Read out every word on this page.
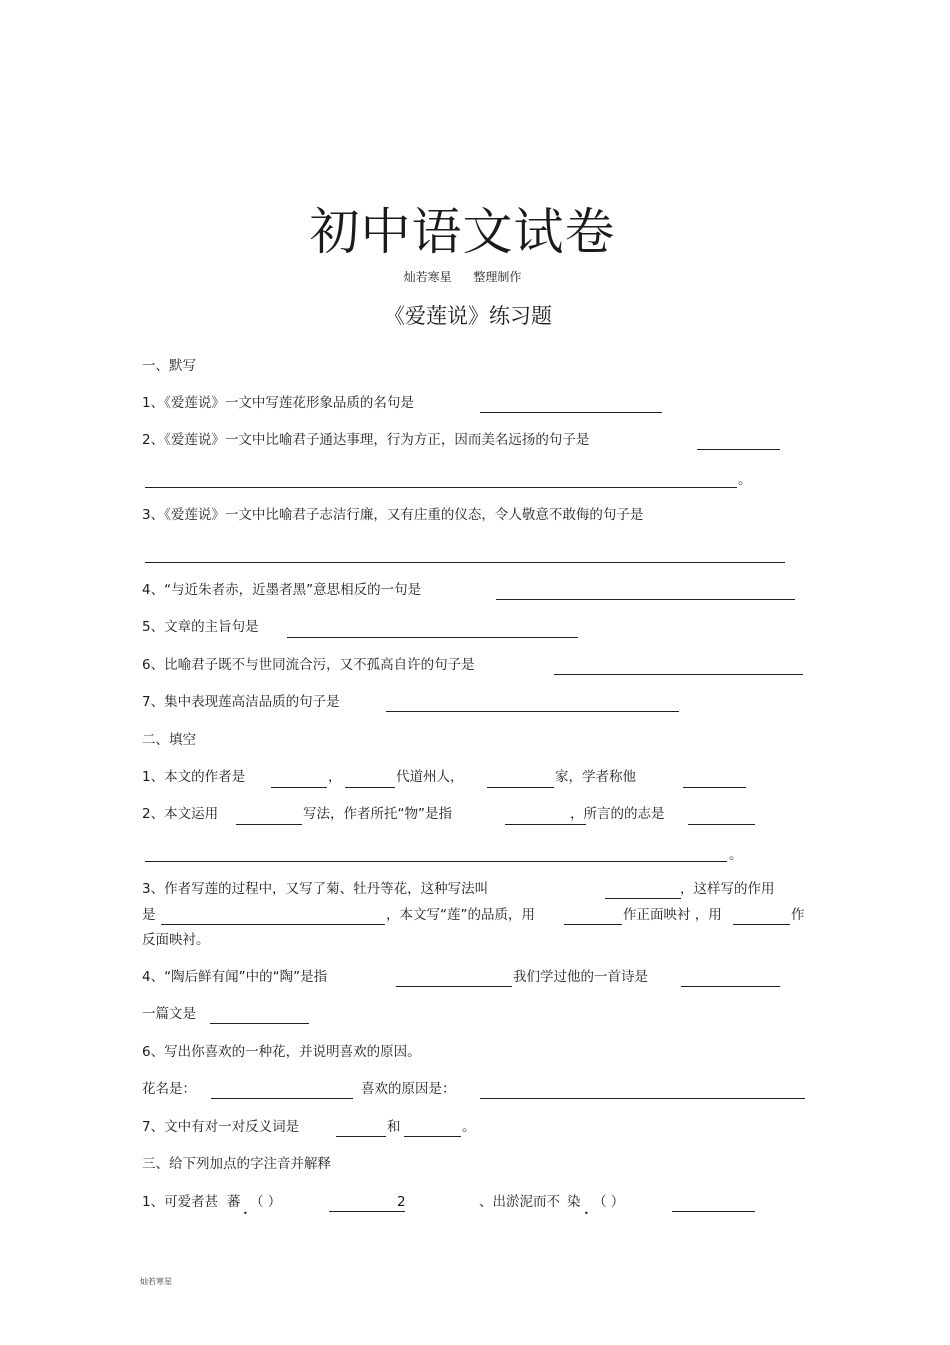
初中语文试卷
灿若寒星 整理制作
《爱莲说》练习题
一、默写
1、《爱莲说》一文中写莲花形象品质的名句是
2、《爱莲说》一文中比喻君子通达事理，行为方正，因而美名远扬的句子是
。
3、《爱莲说》一文中比喻君子志洁行廉，又有庄重的仪态，令人敬意不敢侮的句子是
4、“与近朱者赤，近墨者黑”意思相反的一句是
5、文章的主旨句是
6、比喻君子既不与世同流合污，又不孤高自许的句子是
7、集中表现莲高洁品质的句子是
二、填空
1、本文的作者是	，	代道州人，	家，学者称他
2、本文运用	写法，作者所托“物”是指	，所言的的志是
。
3、作者写莲的过程中，又写了菊、牡丹等花，这种写法叫	，这样写的作用
是	，本文写“莲”的品质，用	作正面映衬 ，用	作
反面映衬。
4、“陶后鲜有闻”中的“陶”是指	我们学过他的一首诗是
一篇文是
6、写出你喜欢的一种花，并说明喜欢的原因。
花名是：	喜欢的原因是：
7、文中有对一对反义词是	和	。
三、给下列加点的字注音并解释
1、可爱者甚 蕃
•
（ ）	2	、出淤泥而不 染
•
（ ）
灿若寒星
